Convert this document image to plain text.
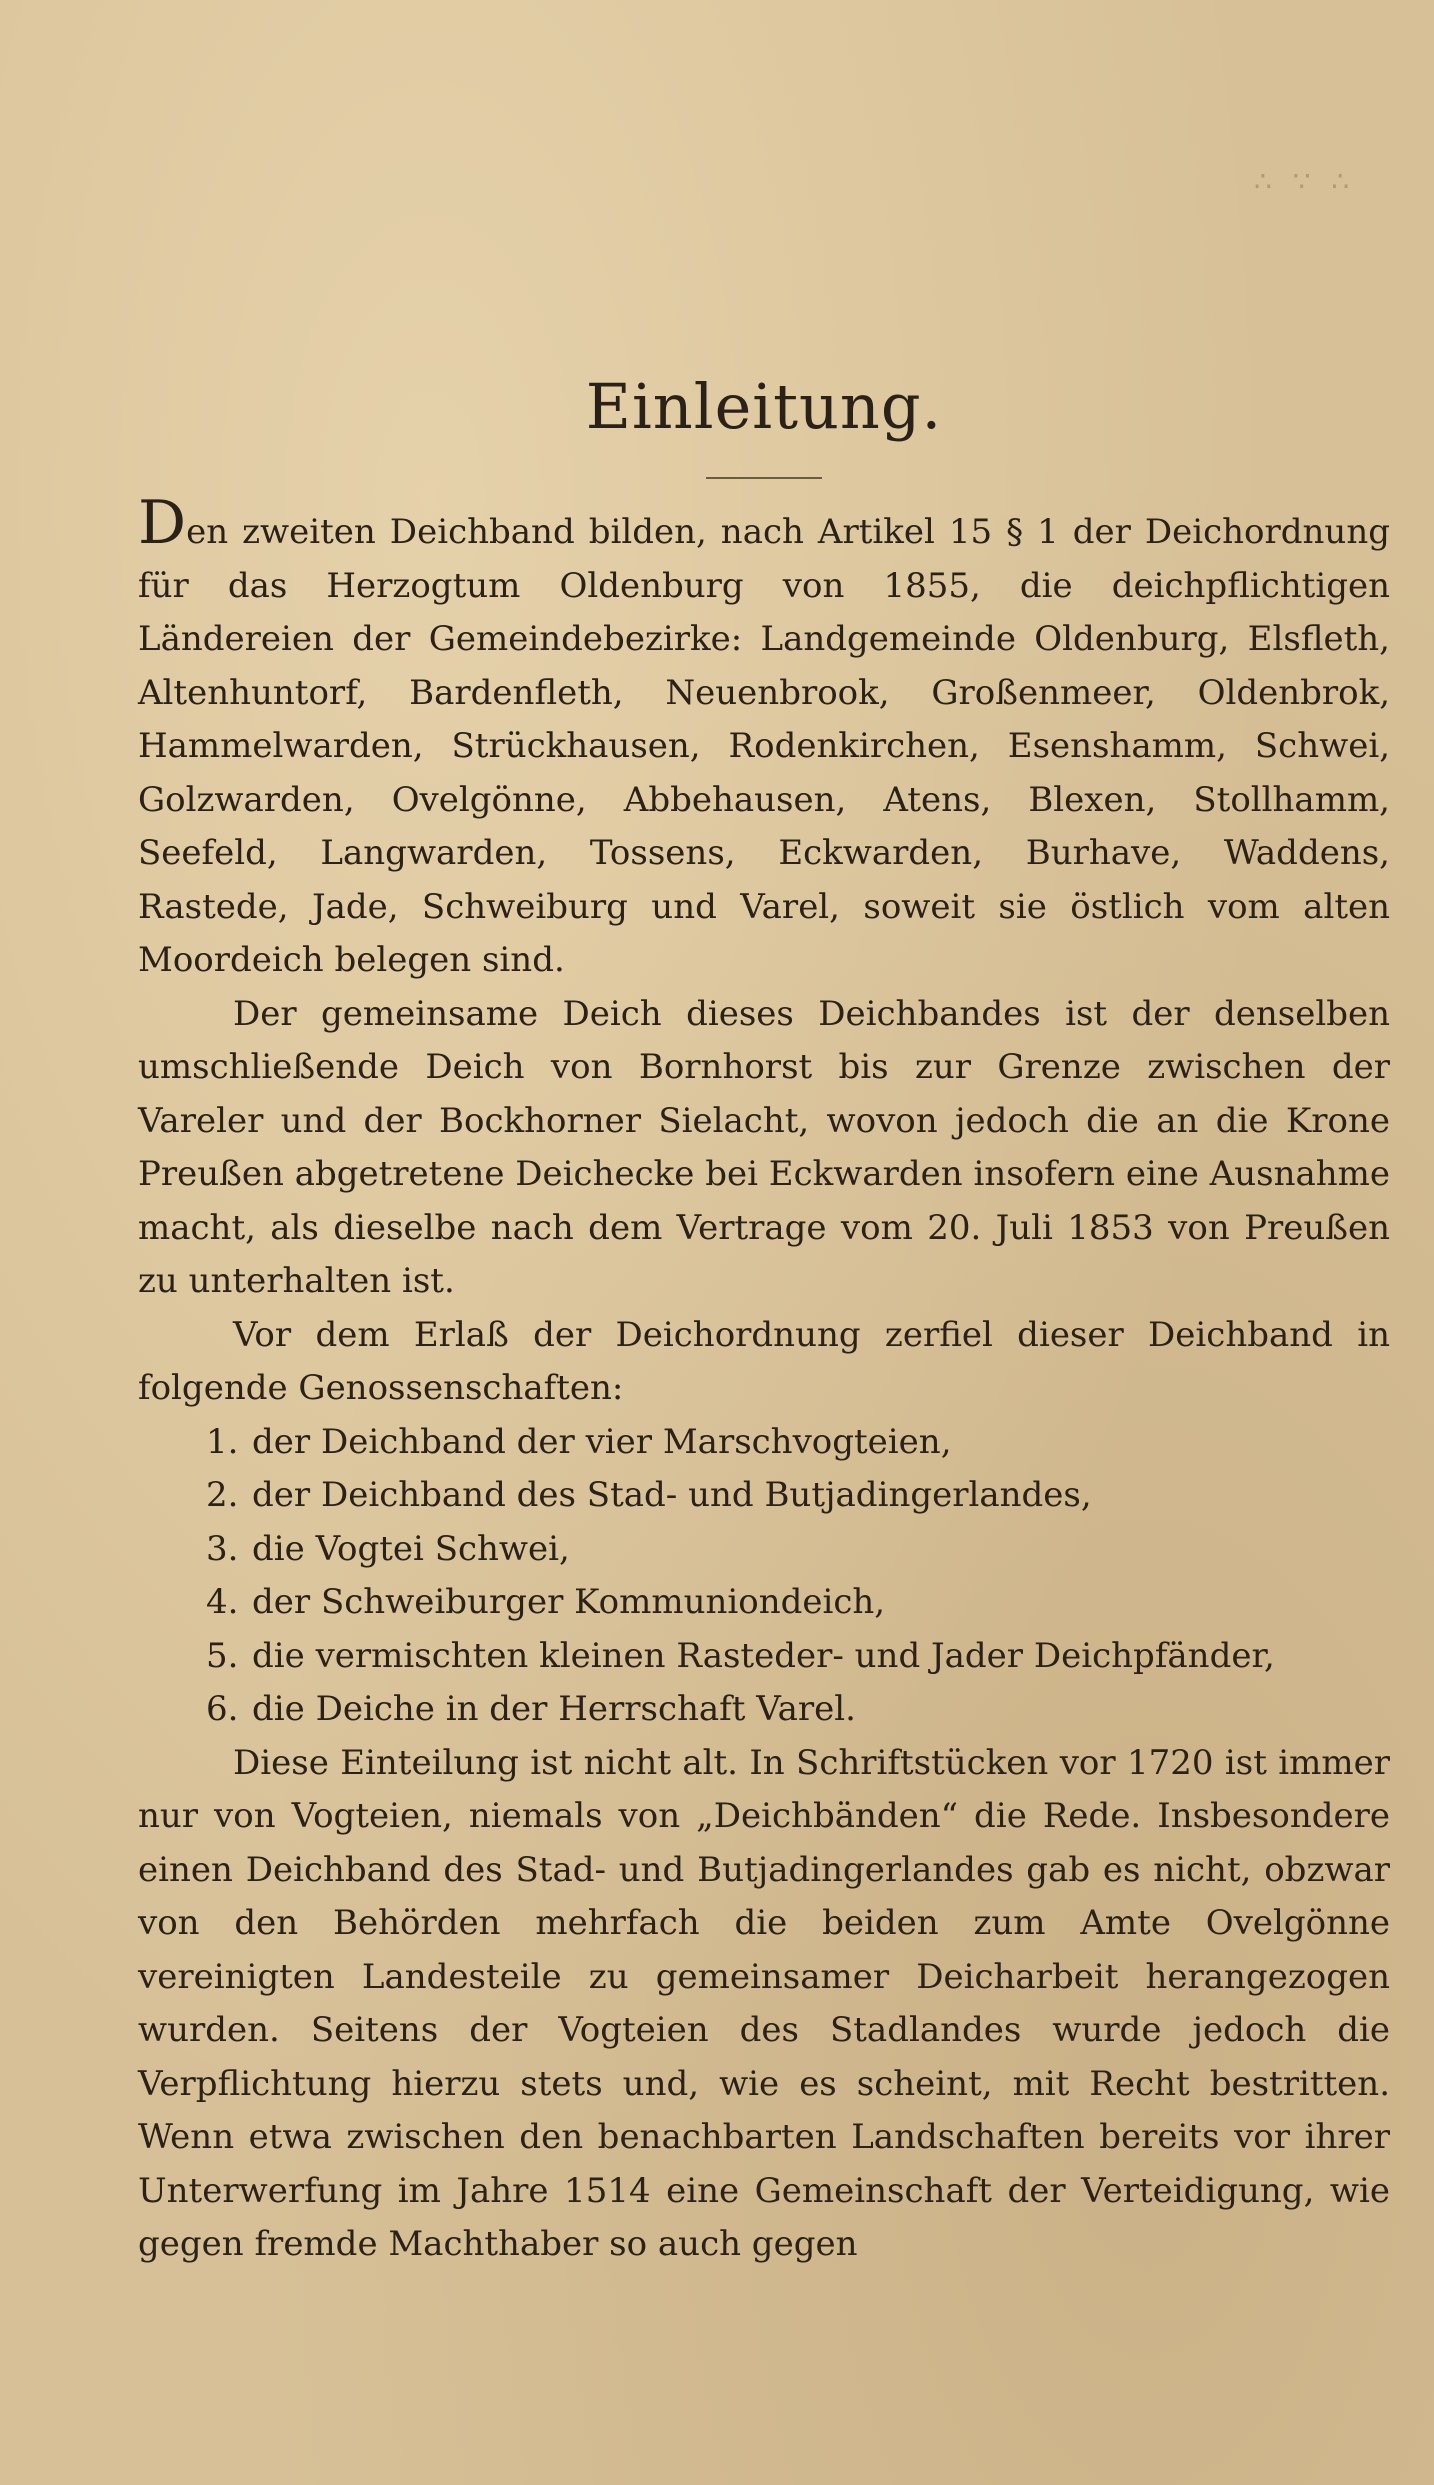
∴ ∵ ∴
Einleitung.

Den zweiten Deichband bilden, nach Artikel 15 § 1 der Deichordnung für das Herzogtum Oldenburg von 1855, die deichpflichtigen Ländereien der Gemeindebezirke: Landgemeinde Oldenburg, Elsfleth, Altenhuntorf, Bardenfleth, Neuenbrook, Großenmeer, Oldenbrok, Hammelwarden, Strückhausen, Rodenkirchen, Esenshamm, Schwei, Golzwarden, Ovelgönne, Abbehausen, Atens, Blexen, Stollhamm, Seefeld, Langwarden, Tossens, Eckwarden, Burhave, Waddens, Rastede, Jade, Schweiburg und Varel, soweit sie östlich vom alten Moordeich belegen sind.

Der gemeinsame Deich dieses Deichbandes ist der denselben umschließende Deich von Bornhorst bis zur Grenze zwischen der Vareler und der Bockhorner Sielacht, wovon jedoch die an die Krone Preußen abgetretene Deichecke bei Eckwarden insofern eine Ausnahme macht, als dieselbe nach dem Vertrage vom 20. Juli 1853 von Preußen zu unterhalten ist.

Vor dem Erlaß der Deichordnung zerfiel dieser Deichband in folgende Genossenschaften:

1. der Deichband der vier Marschvogteien,
2. der Deichband des Stad- und Butjadingerlandes,
3. die Vogtei Schwei,
4. der Schweiburger Kommuniondeich,
5. die vermischten kleinen Rasteder- und Jader Deichpfänder,
6. die Deiche in der Herrschaft Varel.

Diese Einteilung ist nicht alt. In Schriftstücken vor 1720 ist immer nur von Vogteien, niemals von „Deichbänden“ die Rede. Insbesondere einen Deichband des Stad- und Butjadingerlandes gab es nicht, obzwar von den Behörden mehrfach die beiden zum Amte Ovelgönne vereinigten Landesteile zu gemeinsamer Deicharbeit herangezogen wurden. Seitens der Vogteien des Stadlandes wurde jedoch die Verpflichtung hierzu stets und, wie es scheint, mit Recht bestritten. Wenn etwa zwischen den benachbarten Landschaften bereits vor ihrer Unterwerfung im Jahre 1514 eine Gemeinschaft der Verteidigung, wie gegen fremde Machthaber so auch gegen
